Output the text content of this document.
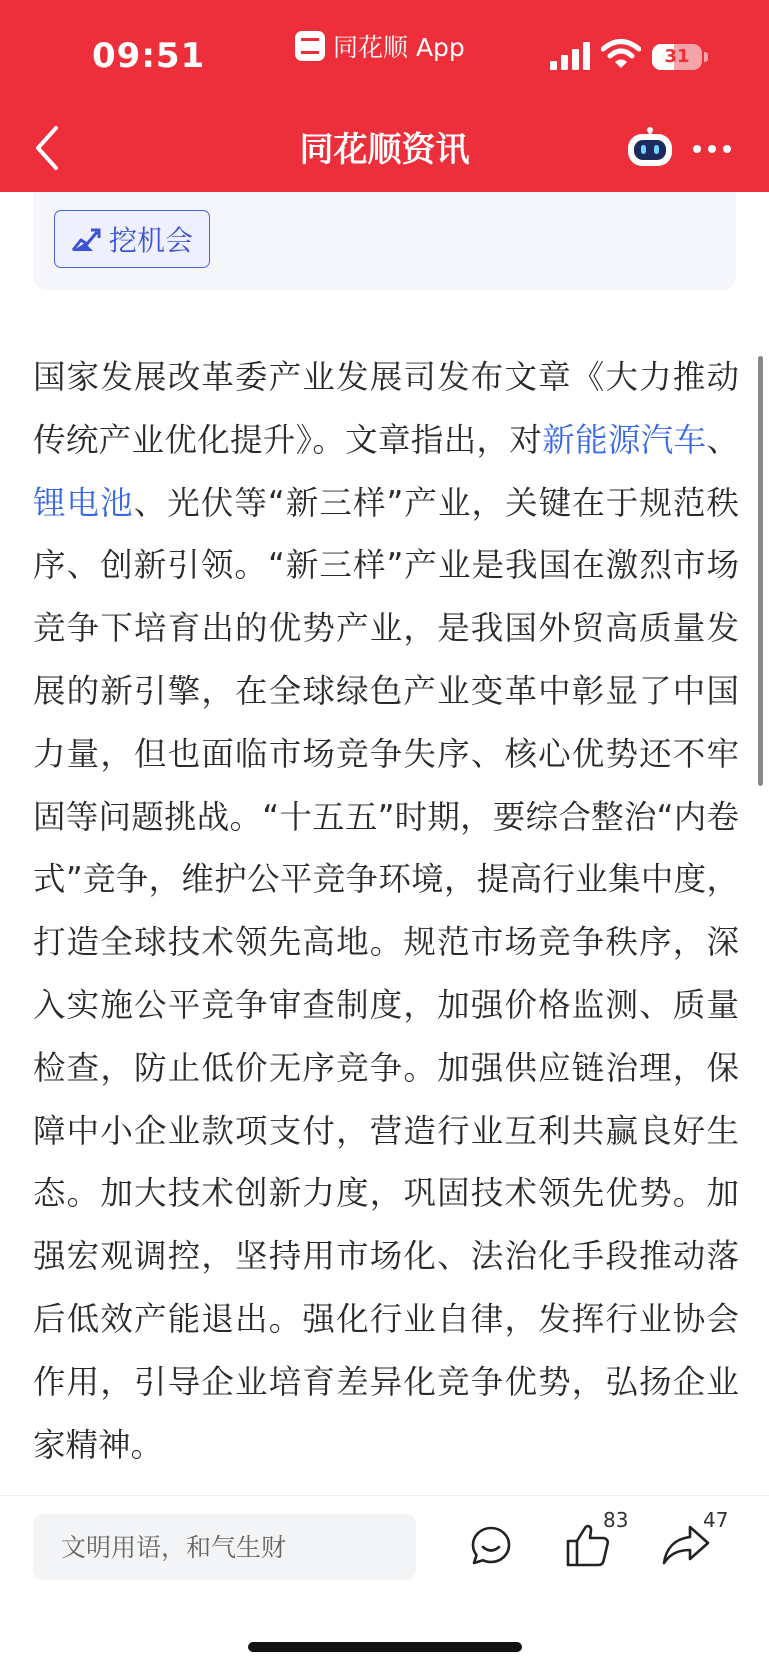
09:51	同花顺 App	31
同花顺资讯
挖机会

国家发展改革委产业发展司发布文章《大力推动传统产业优化提升》。文章指出，对新能源汽车、锂电池、光伏等“新三样”产业，关键在于规范秩序、创新引领。“新三样”产业是我国在激烈市场竞争下培育出的优势产业，是我国外贸高质量发展的新引擎，在全球绿色产业变革中彰显了中国力量，但也面临市场竞争失序、核心优势还不牢固等问题挑战。“十五五”时期，要综合整治“内卷式”竞争，维护公平竞争环境，提高行业集中度，打造全球技术领先高地。规范市场竞争秩序，深入实施公平竞争审查制度，加强价格监测、质量检查，防止低价无序竞争。加强供应链治理，保障中小企业款项支付，营造行业互利共赢良好生态。加大技术创新力度，巩固技术领先优势。加强宏观调控，坚持用市场化、法治化手段推动落后低效产能退出。强化行业自律，发挥行业协会作用，引导企业培育差异化竞争优势，弘扬企业家精神。

文明用语，和气生财
83	47
